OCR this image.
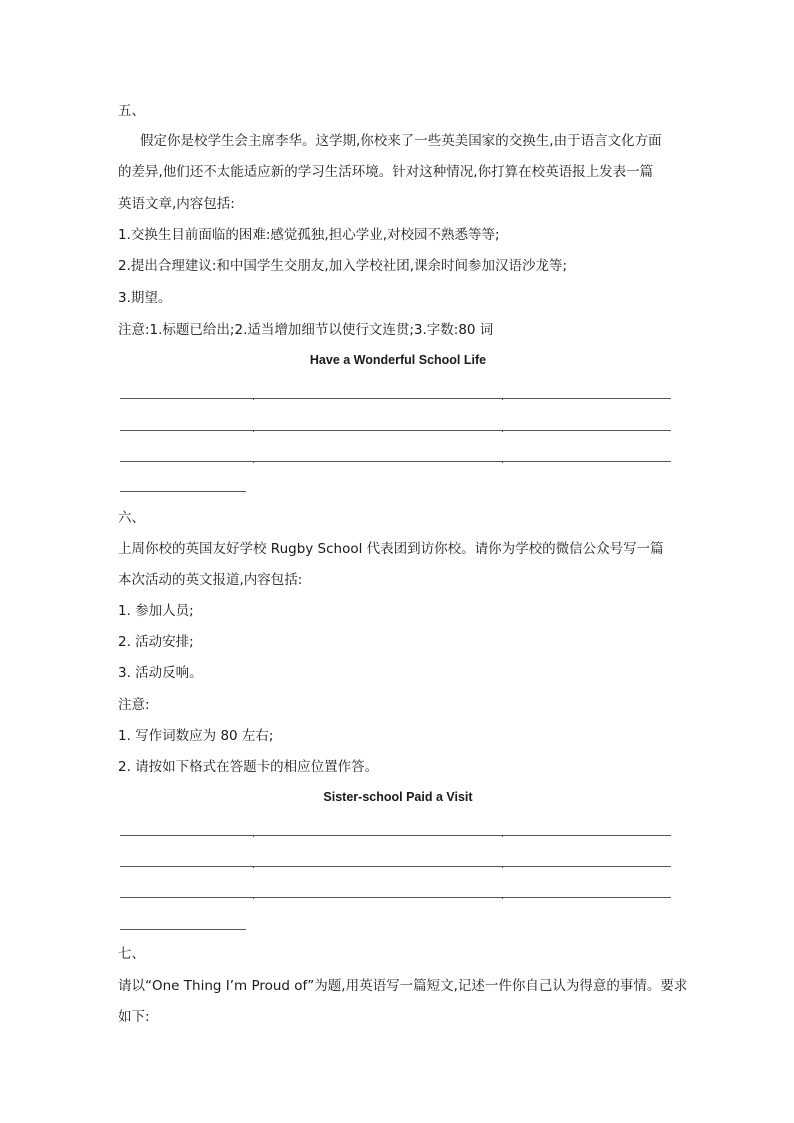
五、
假定你是校学生会主席李华。这学期,你校来了一些英美国家的交换生,由于语言文化方面
的差异,他们还不太能适应新的学习生活环境。针对这种情况,你打算在校英语报上发表一篇
英语文章,内容包括:
1.交换生目前面临的困难:感觉孤独,担心学业,对校园不熟悉等等;
2.提出合理建议:和中国学生交朋友,加入学校社团,课余时间参加汉语沙龙等;
3.期望。
注意:1.标题已给出;2.适当增加细节以使行文连贯;3.字数:80 词
Have a Wonderful School Life
六、
上周你校的英国友好学校 Rugby School 代表团到访你校。请你为学校的微信公众号写一篇
本次活动的英文报道,内容包括:
1. 参加人员;
2. 活动安排;
3. 活动反响。
注意:
1. 写作词数应为 80 左右;
2. 请按如下格式在答题卡的相应位置作答。
Sister-school Paid a Visit
七、
请以“One Thing I’m Proud of”为题,用英语写一篇短文,记述一件你自己认为得意的事情。要求
如下:
